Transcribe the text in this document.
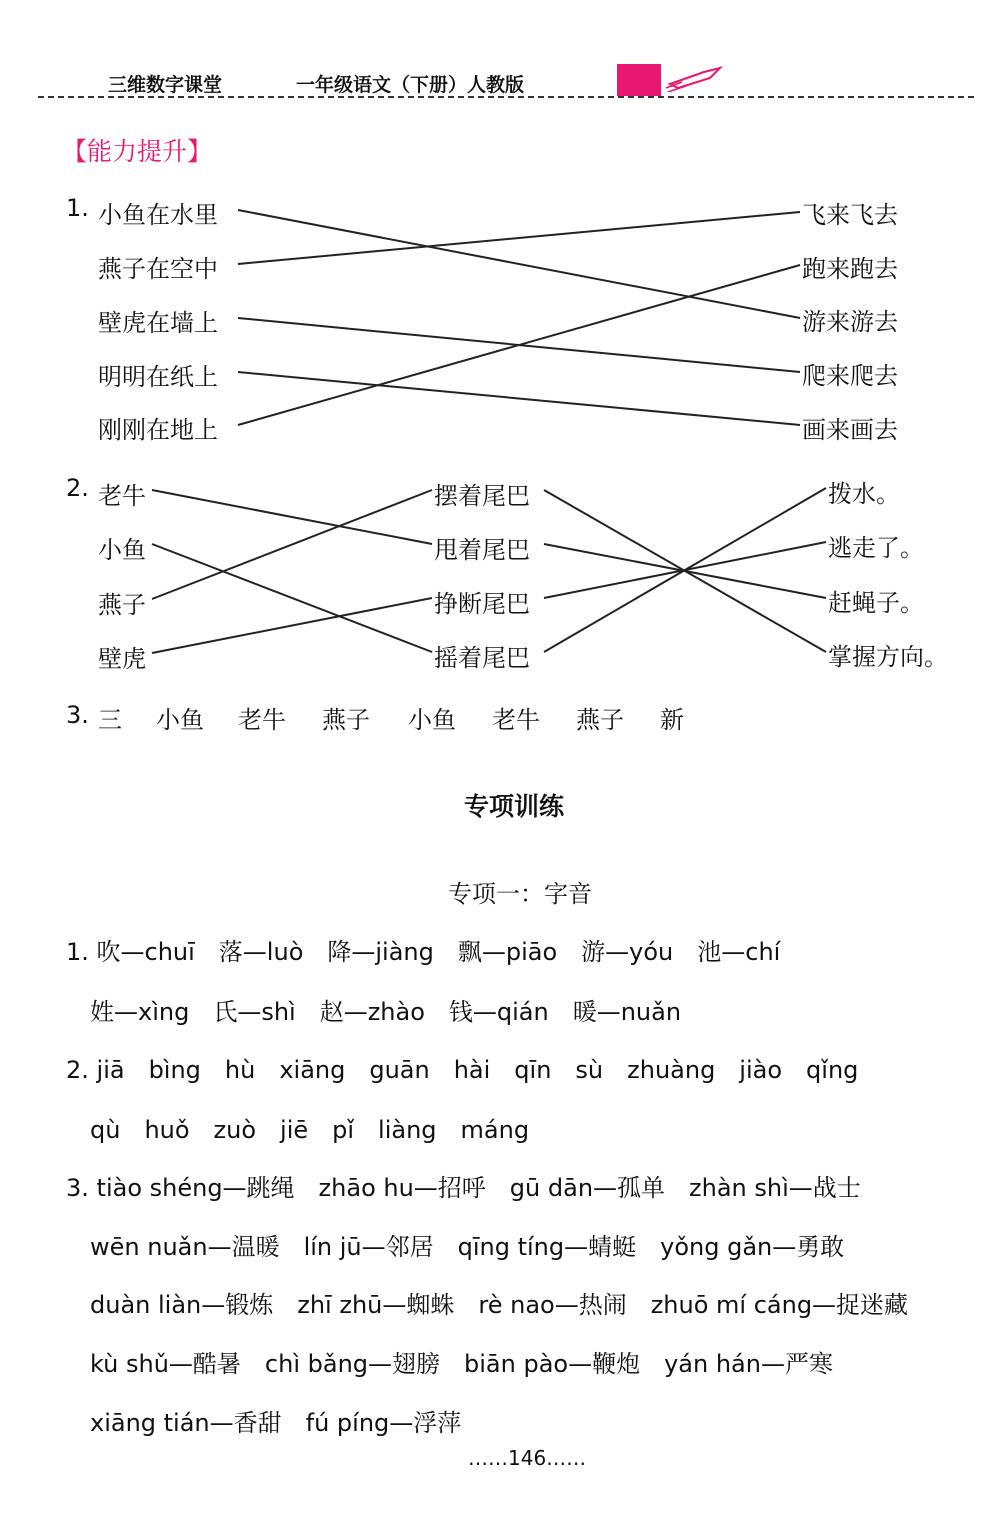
三维数字课堂	一年级语文（下册）人教版
【能力提升】
1. 小鱼在水里
燕子在空中
壁虎在墙上
明明在纸上
刚刚在地上
飞来飞去
跑来跑去
游来游去
爬来爬去
画来画去
2. 老牛
小鱼
燕子
壁虎
摆着尾巴
甩着尾巴
挣断尾巴
摇着尾巴
拨水。
逃走了。
赶蝇子。
掌握方向。
3. 三 小鱼 老牛 燕子 小鱼 老牛 燕子 新
专项训练
专项一：字音
1. 吹—chuī　落—luò　降—jiàng　飘—piāo　游—yóu　池—chí
　姓—xìng　氏—shì　赵—zhào　钱—qián　暖—nuǎn
2. jiā　bìng　hù　xiāng　guān　hài　qīn　sù　zhuàng　jiào　qǐng
　qù　huǒ　zuò　jiē　pǐ　liàng　máng
3. tiào shéng—跳绳　zhāo hu—招呼　gū dān—孤单　zhàn shì—战士
　wēn nuǎn—温暖　lín jū—邻居　qīng tíng—蜻蜓　yǒng gǎn—勇敢
　duàn liàn—锻炼　zhī zhū—蜘蛛　rè nao—热闹　zhuō mí cáng—捉迷藏
　kù shǔ—酷暑　chì bǎng—翅膀　biān pào—鞭炮　yán hán—严寒
　xiāng tián—香甜　fú píng—浮萍
……146……
